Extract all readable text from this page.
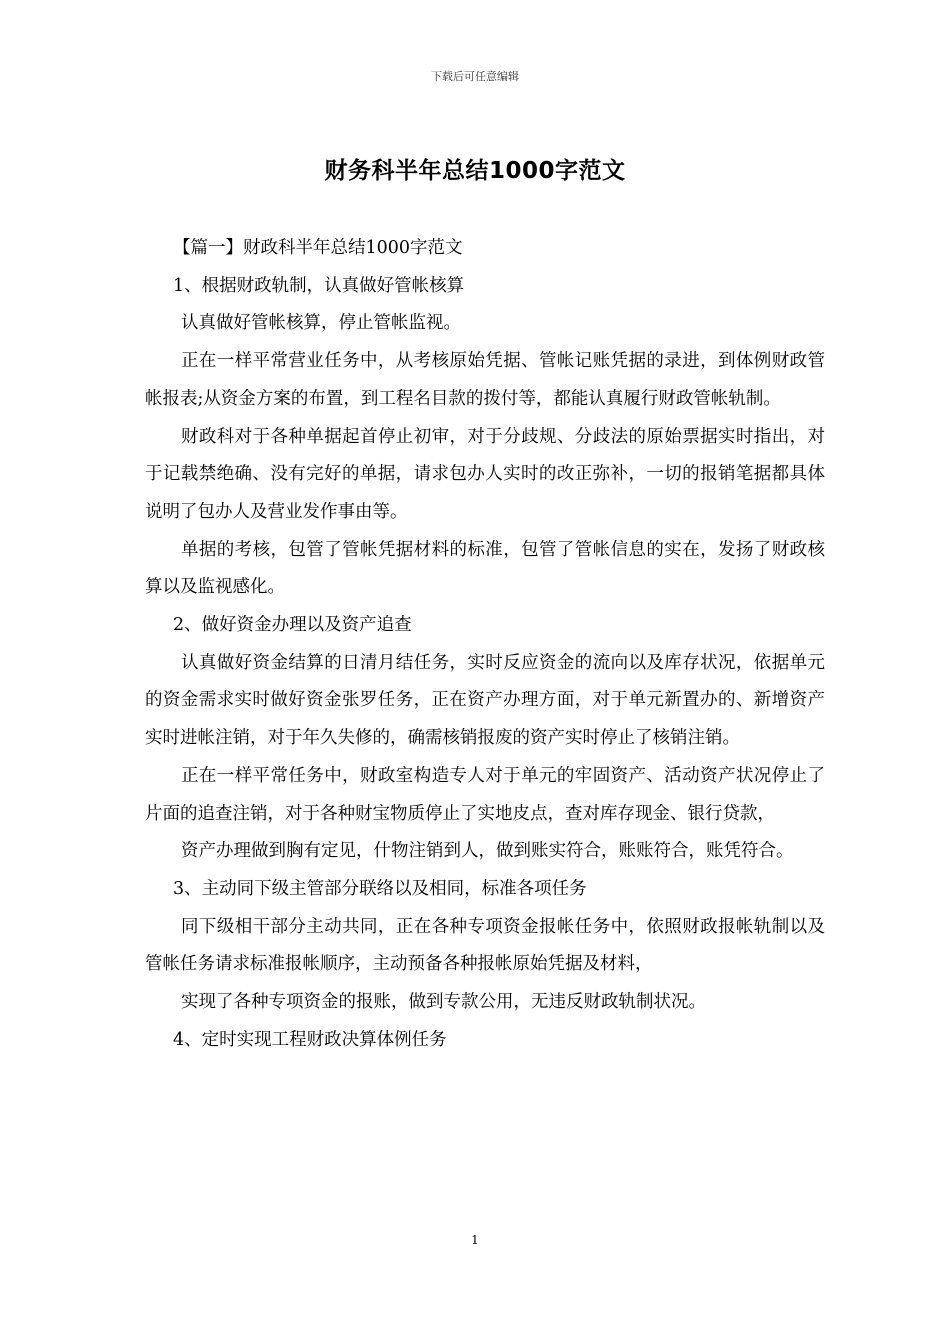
下载后可任意编辑
财务科半年总结1000字范文

【篇一】财政科半年总结1000字范文

1、根据财政轨制，认真做好管帐核算

认真做好管帐核算，停止管帐监视。

正在一样平常营业任务中，从考核原始凭据、管帐记账凭据的录进，到体例财政管帐报表;从资金方案的布置，到工程名目款的拨付等，都能认真履行财政管帐轨制。

财政科对于各种单据起首停止初审，对于分歧规、分歧法的原始票据实时指出，对于记载禁绝确、没有完好的单据，请求包办人实时的改正弥补，一切的报销笔据都具体说明了包办人及营业发作事由等。

单据的考核，包管了管帐凭据材料的标准，包管了管帐信息的实在，发扬了财政核算以及监视感化。

2、做好资金办理以及资产追查

认真做好资金结算的日清月结任务，实时反应资金的流向以及库存状况，依据单元的资金需求实时做好资金张罗任务，正在资产办理方面，对于单元新置办的、新增资产实时进帐注销，对于年久失修的，确需核销报废的资产实时停止了核销注销。

正在一样平常任务中，财政室构造专人对于单元的牢固资产、活动资产状况停止了片面的追查注销，对于各种财宝物质停止了实地皮点，查对库存现金、银行贷款，

资产办理做到胸有定见，什物注销到人，做到账实符合，账账符合，账凭符合。

3、主动同下级主管部分联络以及相同，标准各项任务

同下级相干部分主动共同，正在各种专项资金报帐任务中，依照财政报帐轨制以及管帐任务请求标准报帐顺序，主动预备各种报帐原始凭据及材料，

实现了各种专项资金的报账，做到专款公用，无违反财政轨制状况。

4、定时实现工程财政决算体例任务

1
